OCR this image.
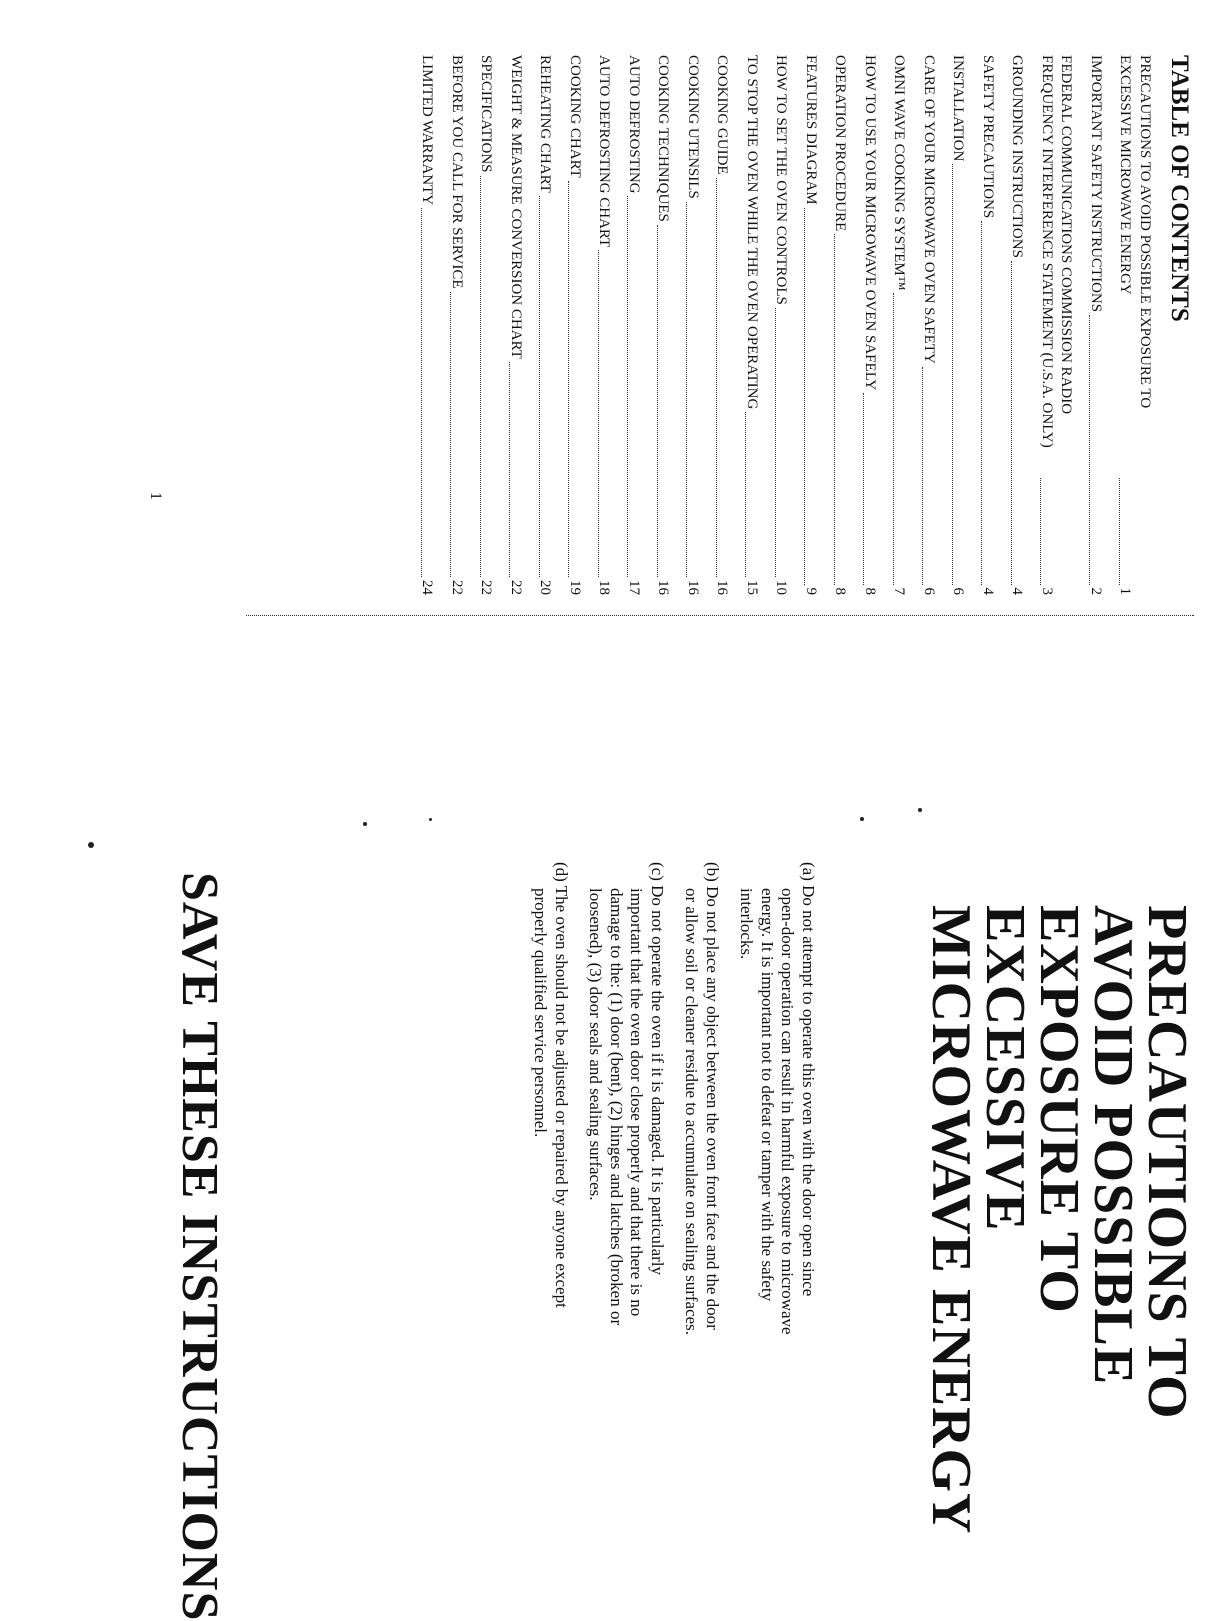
PRECAUTIONS TO AVOID POSSIBLE EXPOSURE TO EXCESSIVE MICROWAVE ENERGY
(a) Do not attempt to operate this oven with the door open since open-door operation can result in harmful exposure to microwave energy. It is important not to defeat or tamper with the safety interlocks.
(b) Do not place any object between the oven front face and the door or allow soil or cleaner residue to accumulate on sealing surfaces.
(c) Do not operate the oven if it is damaged. It is particularly important that the oven door close properly and that there is no damage to the: (1) door (bent), (2) hinges and latches (broken or loosened), (3) door seals and sealing surfaces.
(d) The oven should not be adjusted or repaired by anyone except properly qualified service personnel.
1
TABLE OF CONTENTS
PRECAUTIONS TO AVOID POSSIBLE EXPOSURE TO EXCESSIVE MICROWAVE ENERGY
1
IMPORTANT SAFETY INSTRUCTIONS
2
FEDERAL COMMUNICATIONS COMMISSION RADIO FREQUENCY INTERFERENCE STATEMENT (U.S.A. ONLY)
3
GROUNDING INSTRUCTIONS
4
SAFETY PRECAUTIONS
4
INSTALLATION
6
CARE OF YOUR MICROWAVE OVEN SAFETY
6
OMNI WAVE COOKING SYSTEM™
7
HOW TO USE YOUR MICROWAVE OVEN SAFELY
8
OPERATION PROCEDURE
8
FEATURES DIAGRAM
9
HOW TO SET THE OVEN CONTROLS
10
TO STOP THE OVEN WHILE THE OVEN OPERATING
15
COOKING GUIDE
16
COOKING UTENSILS
16
COOKING TECHNIQUES
16
AUTO DEFROSTING
17
AUTO DEFROSTING CHART
18
COOKING CHART
19
REHEATING CHART
20
WEIGHT & MEASURE CONVERSION CHART
22
SPECIFICATIONS
22
BEFORE YOU CALL FOR SERVICE
22
LIMITED WARRANTY
24
SAVE THESE INSTRUCTIONS
